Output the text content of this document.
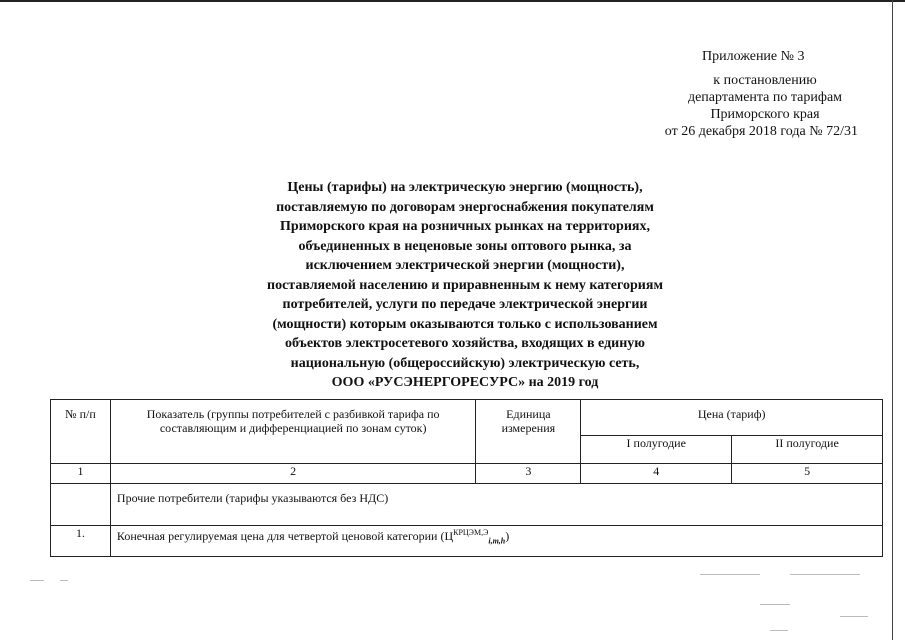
Приложение № 3
к постановлению
департамента по тарифам
Приморского края
от 26 декабря 2018 года № 72/31
Цены (тарифы) на электрическую энергию (мощность),
поставляемую по договорам энергоснабжения покупателям
Приморского края на розничных рынках на территориях,
объединенных в неценовые зоны оптового рынка, за
исключением электрической энергии (мощности),
поставляемой населению и приравненным к нему категориям
потребителей, услуги по передаче электрической энергии
(мощности) которым оказываются только с использованием
объектов электросетевого хозяйства, входящих в единую
национальную (общероссийскую) электрическую сеть,
ООО «РУСЭНЕРГОРЕСУРС» на 2019 год
№ п/п	Показатель (группы потребителей с разбивкой тарифа по составляющим и дифференциацией по зонам суток)	Единица измерения	Цена (тариф)	
			I полугодие	II полугодие
1	2	3	4	5
	Прочие потребители (тарифы указываются без НДС)			
1.	Конечная регулируемая цена для четвертой ценовой категории $(Ц^{КРЦЭМ,Э}_{i,m,h})$			
